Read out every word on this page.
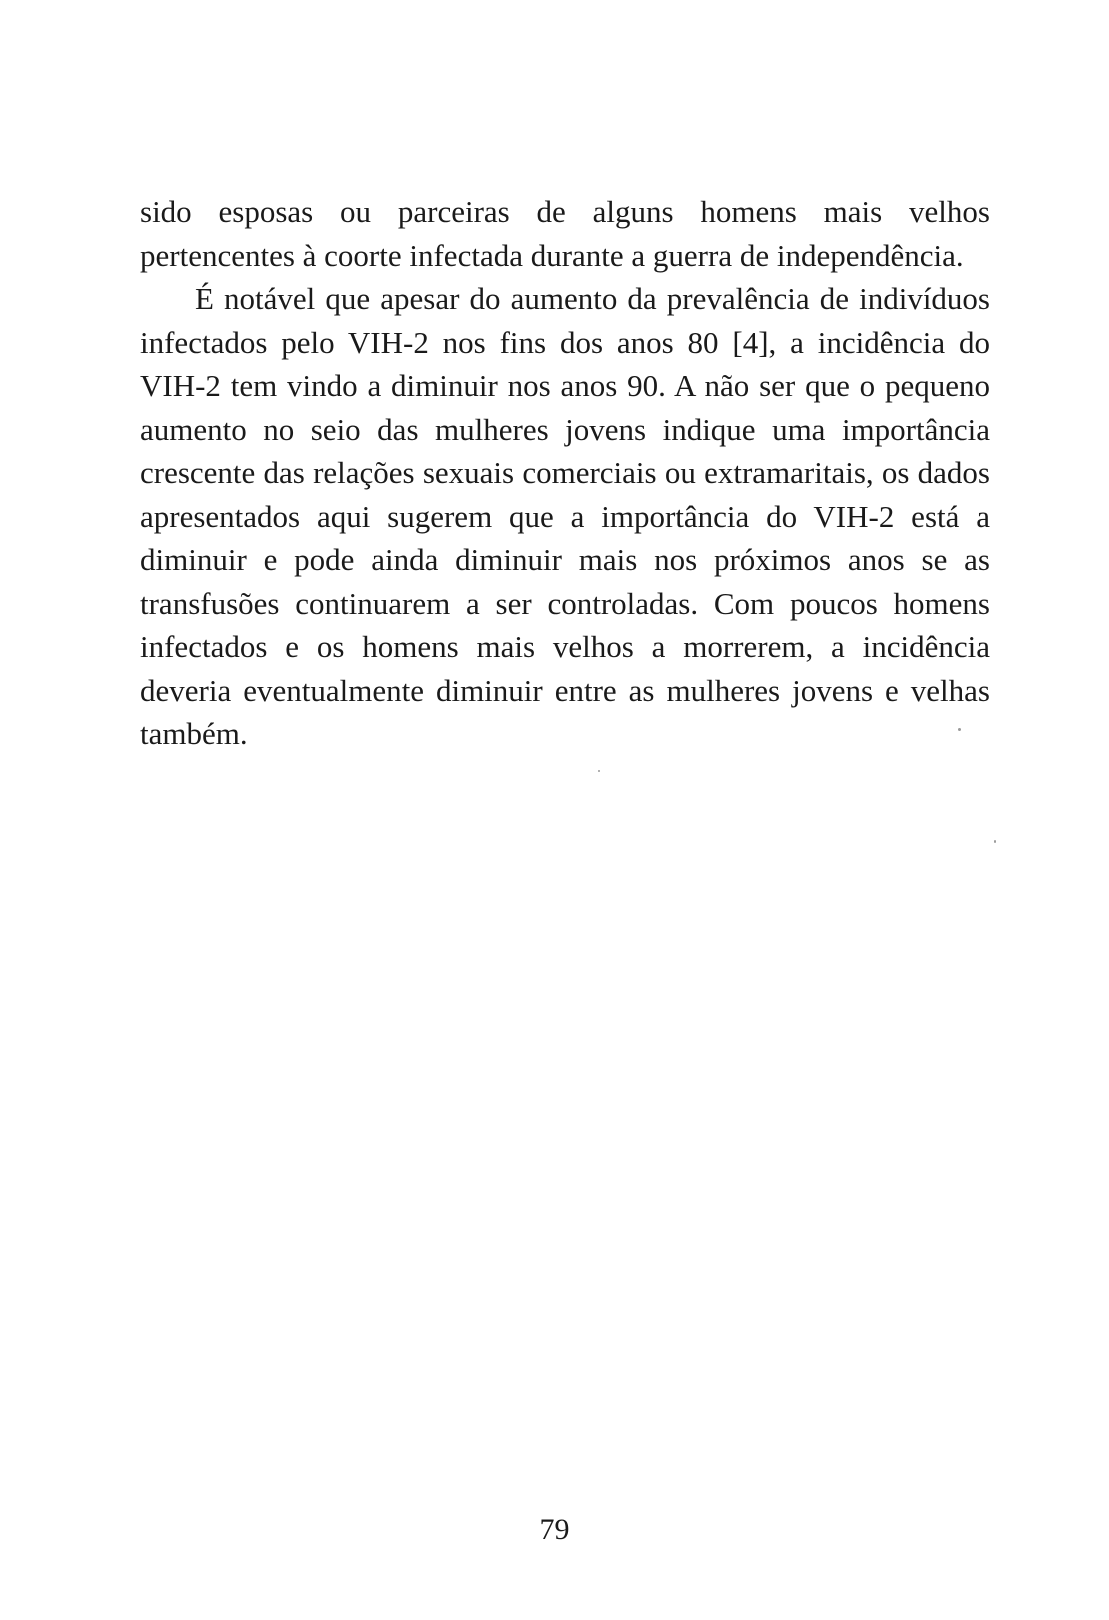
sido esposas ou parceiras de alguns homens mais velhos pertencentes à coorte infectada durante a guerra de independência.

É notável que apesar do aumento da prevalência de indivíduos infectados pelo VIH-2 nos fins dos anos 80 [4], a incidência do VIH-2 tem vindo a diminuir nos anos 90. A não ser que o pequeno aumento no seio das mulheres jovens indique uma importância crescente das relações sexuais comerciais ou extramaritais, os dados apresentados aqui sugerem que a importância do VIH-2 está a diminuir e pode ainda diminuir mais nos próximos anos se as transfusões continuarem a ser controladas. Com poucos homens infectados e os homens mais velhos a morrerem, a incidência deveria eventualmente diminuir entre as mulheres jovens e velhas também.

79
